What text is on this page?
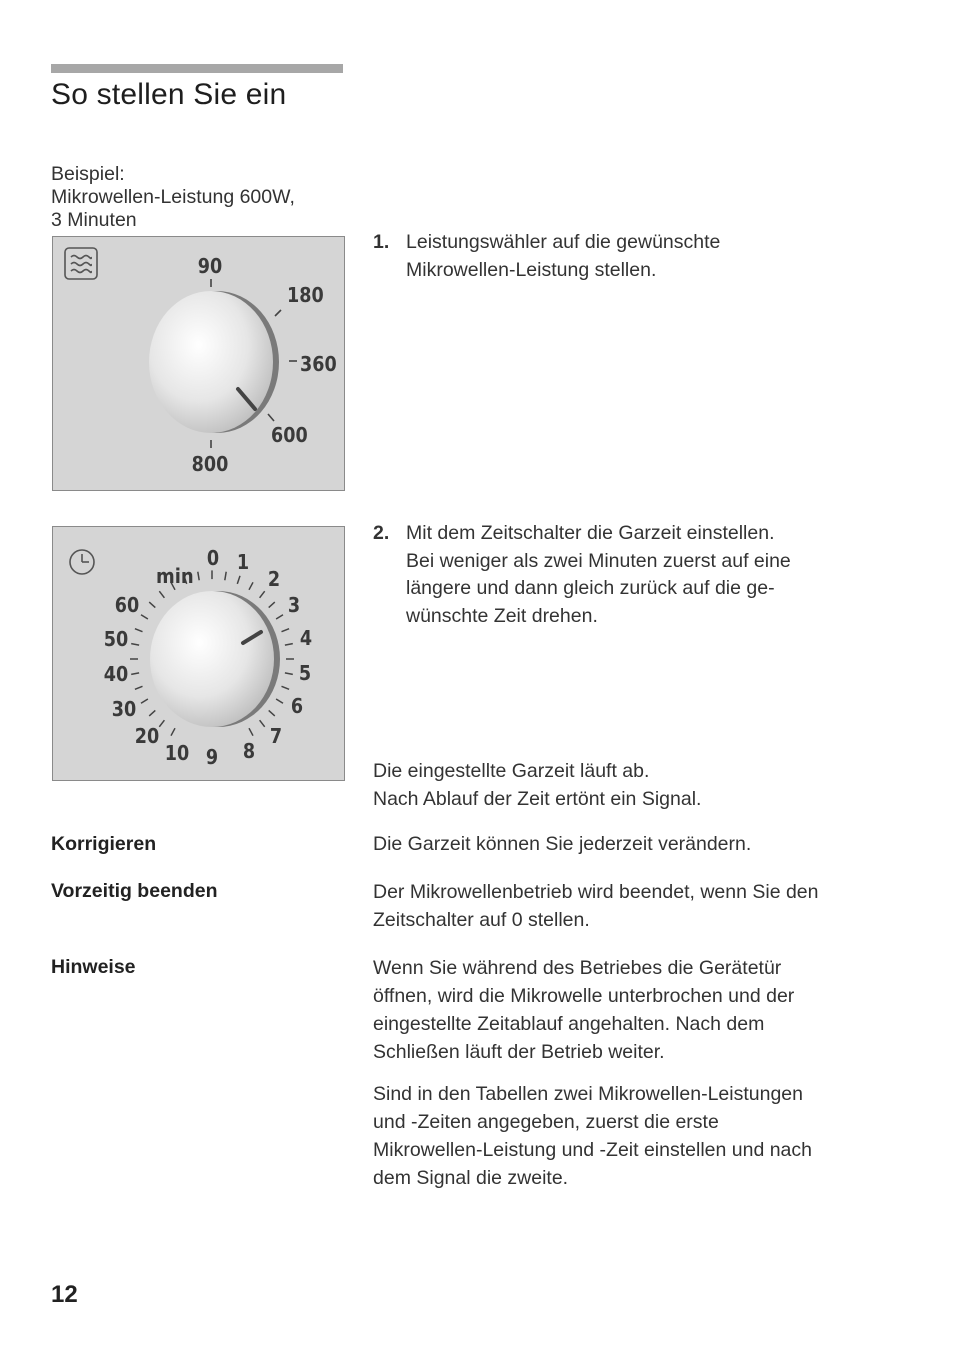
So stellen Sie ein
Beispiel:
Mikrowellen-Leistung 600W,
3 Minuten
90
180
360
600
800
min
0 1
2
3
4
5
6
7
8
9
10
20
30
40
50
60
1. Leistungswähler auf die gewünschte
Mikrowellen-Leistung stellen.
2. Mit dem Zeitschalter die Garzeit einstellen.
Bei weniger als zwei Minuten zuerst auf eine
längere und dann gleich zurück auf die ge-
wünschte Zeit drehen.
Die eingestellte Garzeit läuft ab.
Nach Ablauf der Zeit ertönt ein Signal.
Korrigieren	Die Garzeit können Sie jederzeit verändern.
Vorzeitig beenden	Der Mikrowellenbetrieb wird beendet, wenn Sie den
Zeitschalter auf 0 stellen.
Hinweise	Wenn Sie während des Betriebes die Gerätetür
öffnen, wird die Mikrowelle unterbrochen und der
eingestellte Zeitablauf angehalten. Nach dem
Schließen läuft der Betrieb weiter.
Sind in den Tabellen zwei Mikrowellen-Leistungen
und -Zeiten angegeben, zuerst die erste
Mikrowellen-Leistung und -Zeit einstellen und nach
dem Signal die zweite.
12
